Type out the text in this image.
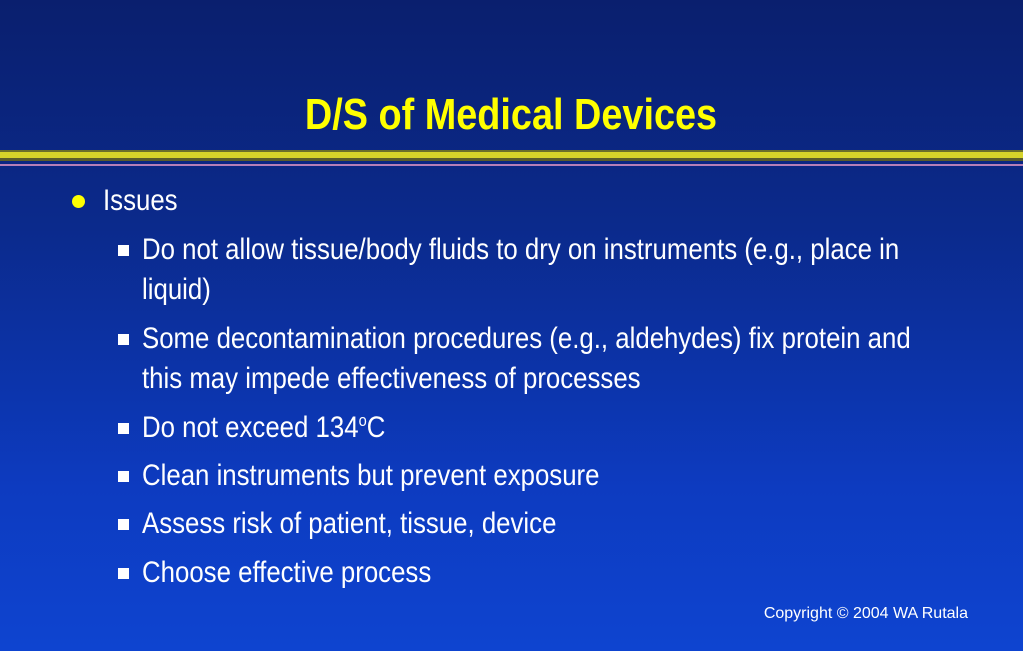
D/S of Medical Devices
Issues
Do not allow tissue/body fluids to dry on instruments (e.g., place in liquid)
Some decontamination procedures (e.g., aldehydes) fix protein and this may impede effectiveness of processes
Do not exceed 134$^o$C
Clean instruments but prevent exposure
Assess risk of patient, tissue, device
Choose effective process
Copyright © 2004 WA Rutala
